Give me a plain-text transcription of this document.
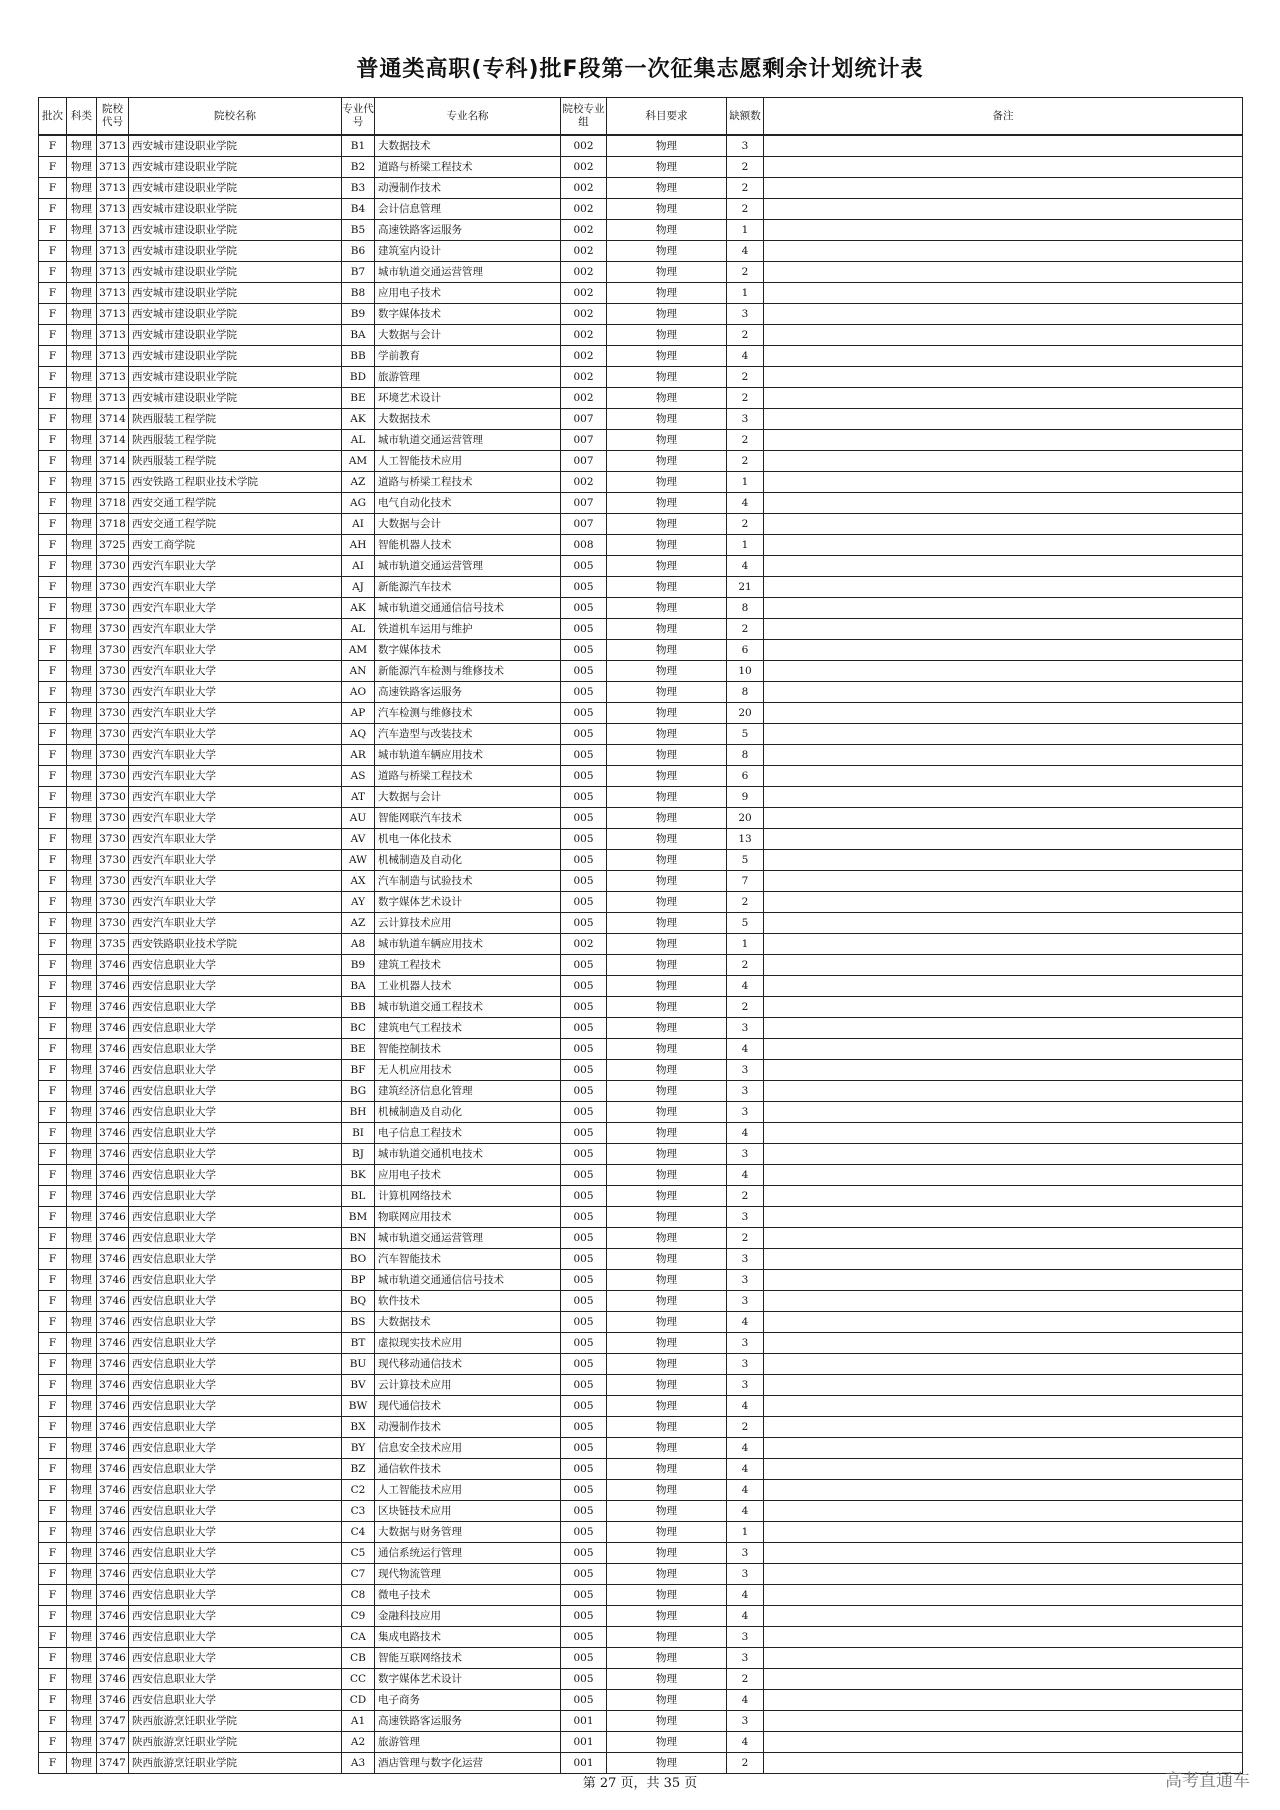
普通类高职(专科)批F段第一次征集志愿剩余计划统计表
批次	科类	院校代号	院校名称	专业代号	专业名称	院校专业组	科目要求	缺额数	备注
F	物理	3713	西安城市建设职业学院	B1	大数据技术	002	物理	3	
F	物理	3713	西安城市建设职业学院	B2	道路与桥梁工程技术	002	物理	2	
F	物理	3713	西安城市建设职业学院	B3	动漫制作技术	002	物理	2	
F	物理	3713	西安城市建设职业学院	B4	会计信息管理	002	物理	2	
F	物理	3713	西安城市建设职业学院	B5	高速铁路客运服务	002	物理	1	
F	物理	3713	西安城市建设职业学院	B6	建筑室内设计	002	物理	4	
F	物理	3713	西安城市建设职业学院	B7	城市轨道交通运营管理	002	物理	2	
F	物理	3713	西安城市建设职业学院	B8	应用电子技术	002	物理	1	
F	物理	3713	西安城市建设职业学院	B9	数字媒体技术	002	物理	3	
F	物理	3713	西安城市建设职业学院	BA	大数据与会计	002	物理	2	
F	物理	3713	西安城市建设职业学院	BB	学前教育	002	物理	4	
F	物理	3713	西安城市建设职业学院	BD	旅游管理	002	物理	2	
F	物理	3713	西安城市建设职业学院	BE	环境艺术设计	002	物理	2	
F	物理	3714	陕西服装工程学院	AK	大数据技术	007	物理	3	
F	物理	3714	陕西服装工程学院	AL	城市轨道交通运营管理	007	物理	2	
F	物理	3714	陕西服装工程学院	AM	人工智能技术应用	007	物理	2	
F	物理	3715	西安铁路工程职业技术学院	AZ	道路与桥梁工程技术	002	物理	1	
F	物理	3718	西安交通工程学院	AG	电气自动化技术	007	物理	4	
F	物理	3718	西安交通工程学院	AI	大数据与会计	007	物理	2	
F	物理	3725	西安工商学院	AH	智能机器人技术	008	物理	1	
F	物理	3730	西安汽车职业大学	AI	城市轨道交通运营管理	005	物理	4	
F	物理	3730	西安汽车职业大学	AJ	新能源汽车技术	005	物理	21	
F	物理	3730	西安汽车职业大学	AK	城市轨道交通通信信号技术	005	物理	8	
F	物理	3730	西安汽车职业大学	AL	铁道机车运用与维护	005	物理	2	
F	物理	3730	西安汽车职业大学	AM	数字媒体技术	005	物理	6	
F	物理	3730	西安汽车职业大学	AN	新能源汽车检测与维修技术	005	物理	10	
F	物理	3730	西安汽车职业大学	AO	高速铁路客运服务	005	物理	8	
F	物理	3730	西安汽车职业大学	AP	汽车检测与维修技术	005	物理	20	
F	物理	3730	西安汽车职业大学	AQ	汽车造型与改装技术	005	物理	5	
F	物理	3730	西安汽车职业大学	AR	城市轨道车辆应用技术	005	物理	8	
F	物理	3730	西安汽车职业大学	AS	道路与桥梁工程技术	005	物理	6	
F	物理	3730	西安汽车职业大学	AT	大数据与会计	005	物理	9	
F	物理	3730	西安汽车职业大学	AU	智能网联汽车技术	005	物理	20	
F	物理	3730	西安汽车职业大学	AV	机电一体化技术	005	物理	13	
F	物理	3730	西安汽车职业大学	AW	机械制造及自动化	005	物理	5	
F	物理	3730	西安汽车职业大学	AX	汽车制造与试验技术	005	物理	7	
F	物理	3730	西安汽车职业大学	AY	数字媒体艺术设计	005	物理	2	
F	物理	3730	西安汽车职业大学	AZ	云计算技术应用	005	物理	5	
F	物理	3735	西安铁路职业技术学院	A8	城市轨道车辆应用技术	002	物理	1	
F	物理	3746	西安信息职业大学	B9	建筑工程技术	005	物理	2	
F	物理	3746	西安信息职业大学	BA	工业机器人技术	005	物理	4	
F	物理	3746	西安信息职业大学	BB	城市轨道交通工程技术	005	物理	2	
F	物理	3746	西安信息职业大学	BC	建筑电气工程技术	005	物理	3	
F	物理	3746	西安信息职业大学	BE	智能控制技术	005	物理	4	
F	物理	3746	西安信息职业大学	BF	无人机应用技术	005	物理	3	
F	物理	3746	西安信息职业大学	BG	建筑经济信息化管理	005	物理	3	
F	物理	3746	西安信息职业大学	BH	机械制造及自动化	005	物理	3	
F	物理	3746	西安信息职业大学	BI	电子信息工程技术	005	物理	4	
F	物理	3746	西安信息职业大学	BJ	城市轨道交通机电技术	005	物理	3	
F	物理	3746	西安信息职业大学	BK	应用电子技术	005	物理	4	
F	物理	3746	西安信息职业大学	BL	计算机网络技术	005	物理	2	
F	物理	3746	西安信息职业大学	BM	物联网应用技术	005	物理	3	
F	物理	3746	西安信息职业大学	BN	城市轨道交通运营管理	005	物理	2	
F	物理	3746	西安信息职业大学	BO	汽车智能技术	005	物理	3	
F	物理	3746	西安信息职业大学	BP	城市轨道交通通信信号技术	005	物理	3	
F	物理	3746	西安信息职业大学	BQ	软件技术	005	物理	3	
F	物理	3746	西安信息职业大学	BS	大数据技术	005	物理	4	
F	物理	3746	西安信息职业大学	BT	虚拟现实技术应用	005	物理	3	
F	物理	3746	西安信息职业大学	BU	现代移动通信技术	005	物理	3	
F	物理	3746	西安信息职业大学	BV	云计算技术应用	005	物理	3	
F	物理	3746	西安信息职业大学	BW	现代通信技术	005	物理	4	
F	物理	3746	西安信息职业大学	BX	动漫制作技术	005	物理	2	
F	物理	3746	西安信息职业大学	BY	信息安全技术应用	005	物理	4	
F	物理	3746	西安信息职业大学	BZ	通信软件技术	005	物理	4	
F	物理	3746	西安信息职业大学	C2	人工智能技术应用	005	物理	4	
F	物理	3746	西安信息职业大学	C3	区块链技术应用	005	物理	4	
F	物理	3746	西安信息职业大学	C4	大数据与财务管理	005	物理	1	
F	物理	3746	西安信息职业大学	C5	通信系统运行管理	005	物理	3	
F	物理	3746	西安信息职业大学	C7	现代物流管理	005	物理	3	
F	物理	3746	西安信息职业大学	C8	微电子技术	005	物理	4	
F	物理	3746	西安信息职业大学	C9	金融科技应用	005	物理	4	
F	物理	3746	西安信息职业大学	CA	集成电路技术	005	物理	3	
F	物理	3746	西安信息职业大学	CB	智能互联网络技术	005	物理	3	
F	物理	3746	西安信息职业大学	CC	数字媒体艺术设计	005	物理	2	
F	物理	3746	西安信息职业大学	CD	电子商务	005	物理	4	
F	物理	3747	陕西旅游烹饪职业学院	A1	高速铁路客运服务	001	物理	3	
F	物理	3747	陕西旅游烹饪职业学院	A2	旅游管理	001	物理	4	
F	物理	3747	陕西旅游烹饪职业学院	A3	酒店管理与数字化运营	001	物理	2	
第 27 页，共 35 页	高考直通车
